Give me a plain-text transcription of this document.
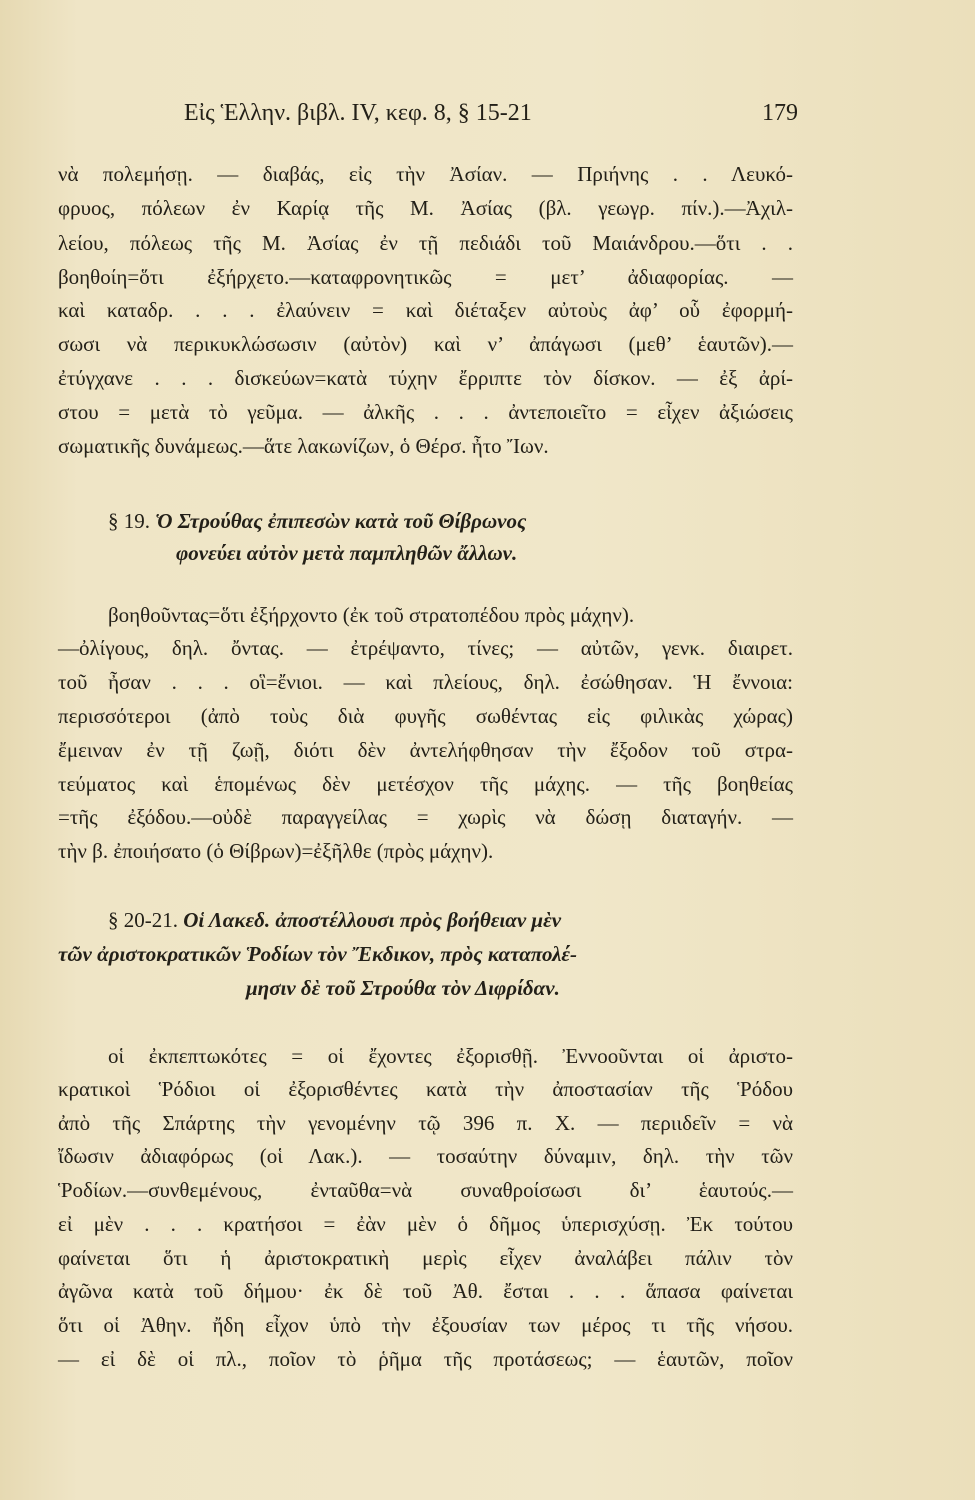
Εἰς Ἑλλην. βιβλ. IV, κεφ. 8, § 15-21	179
νὰ πολεμήσῃ. — διαβάς, εἰς τὴν Ἀσίαν. — Πριήνης . . Λευκό-
φρυος, πόλεων ἐν Καρίᾳ τῆς Μ. Ἀσίας (βλ. γεωγρ. πίν.).—Ἀχιλ-
λείου, πόλεως τῆς Μ. Ἀσίας ἐν τῇ πεδιάδι τοῦ Μαιάνδρου.—ὅτι . .
βοηθοίη=ὅτι ἐξήρχετο.—καταφρονητικῶς = μετ’ ἀδιαφορίας. —
καὶ καταδρ. . . . ἐλαύνειν = καὶ διέταξεν αὐτοὺς ἀφ’ οὗ ἐφορμή-
σωσι νὰ περικυκλώσωσιν (αὐτὸν) καὶ ν’ ἀπάγωσι (μεθ’ ἑαυτῶν).—
ἐτύγχανε . . . δισκεύων=κατὰ τύχην ἔρριπτε τὸν δίσκον. — ἐξ ἀρί-
στου = μετὰ τὸ γεῦμα. — ἀλκῆς . . . ἀντεποιεῖτο = εἶχεν ἀξιώσεις
σωματικῆς δυνάμεως.—ἅτε λακωνίζων, ὁ Θέρσ. ἦτο Ἴων.
§ 19. Ὁ Στρούθας ἐπιπεσὼν κατὰ τοῦ Θίβρωνος
φονεύει αὐτὸν μετὰ παμπληθῶν ἄλλων.
βοηθοῦντας=ὅτι ἐξήρχοντο (ἐκ τοῦ στρατοπέδου πρὸς μάχην).
—ὀλίγους, δηλ. ὄντας. — ἐτρέψαντο, τίνες; — αὐτῶν, γενκ. διαιρετ.
τοῦ ἦσαν . . . οἳ=ἔνιοι. — καὶ πλείους, δηλ. ἐσώθησαν. Ἡ ἔννοια:
περισσότεροι (ἀπὸ τοὺς διὰ φυγῆς σωθέντας εἰς φιλικὰς χώρας)
ἔμειναν ἐν τῇ ζωῇ, διότι δὲν ἀντελήφθησαν τὴν ἔξοδον τοῦ στρα-
τεύματος καὶ ἑπομένως δὲν μετέσχον τῆς μάχης. — τῆς βοηθείας
=τῆς ἐξόδου.—οὐδὲ παραγγείλας = χωρὶς νὰ δώσῃ διαταγήν. —
τὴν β. ἐποιήσατο (ὁ Θίβρων)=ἐξῆλθε (πρὸς μάχην).
§ 20-21. Οἱ Λακεδ. ἀποστέλλουσι πρὸς βοήθειαν μὲν
τῶν ἀριστοκρατικῶν Ῥοδίων τὸν Ἔκδικον, πρὸς καταπολέ-
μησιν δὲ τοῦ Στρούθα τὸν Διφρίδαν.
οἱ ἐκπεπτωκότες = οἱ ἔχοντες ἐξορισθῇ. Ἐννοοῦνται οἱ ἀριστο-
κρατικοὶ Ῥόδιοι οἱ ἐξορισθέντες κατὰ τὴν ἀποστασίαν τῆς Ῥόδου
ἀπὸ τῆς Σπάρτης τὴν γενομένην τῷ 396 π. Χ. — περιιδεῖν = νὰ
ἴδωσιν ἀδιαφόρως (οἱ Λακ.). — τοσαύτην δύναμιν, δηλ. τὴν τῶν
Ῥοδίων.—συνθεμένους, ἐνταῦθα=νὰ συναθροίσωσι δι’ ἑαυτούς.—
εἰ μὲν . . . κρατήσοι = ἐὰν μὲν ὁ δῆμος ὑπερισχύσῃ. Ἐκ τούτου
φαίνεται ὅτι ἡ ἀριστοκρατικὴ μερὶς εἶχεν ἀναλάβει πάλιν τὸν
ἀγῶνα κατὰ τοῦ δήμου· ἐκ δὲ τοῦ Ἀθ. ἔσται . . . ἅπασα φαίνεται
ὅτι οἱ Ἀθην. ἤδη εἶχον ὑπὸ τὴν ἐξουσίαν των μέρος τι τῆς νήσου.
— εἰ δὲ οἱ πλ., ποῖον τὸ ῥῆμα τῆς προτάσεως; — ἑαυτῶν, ποῖον
